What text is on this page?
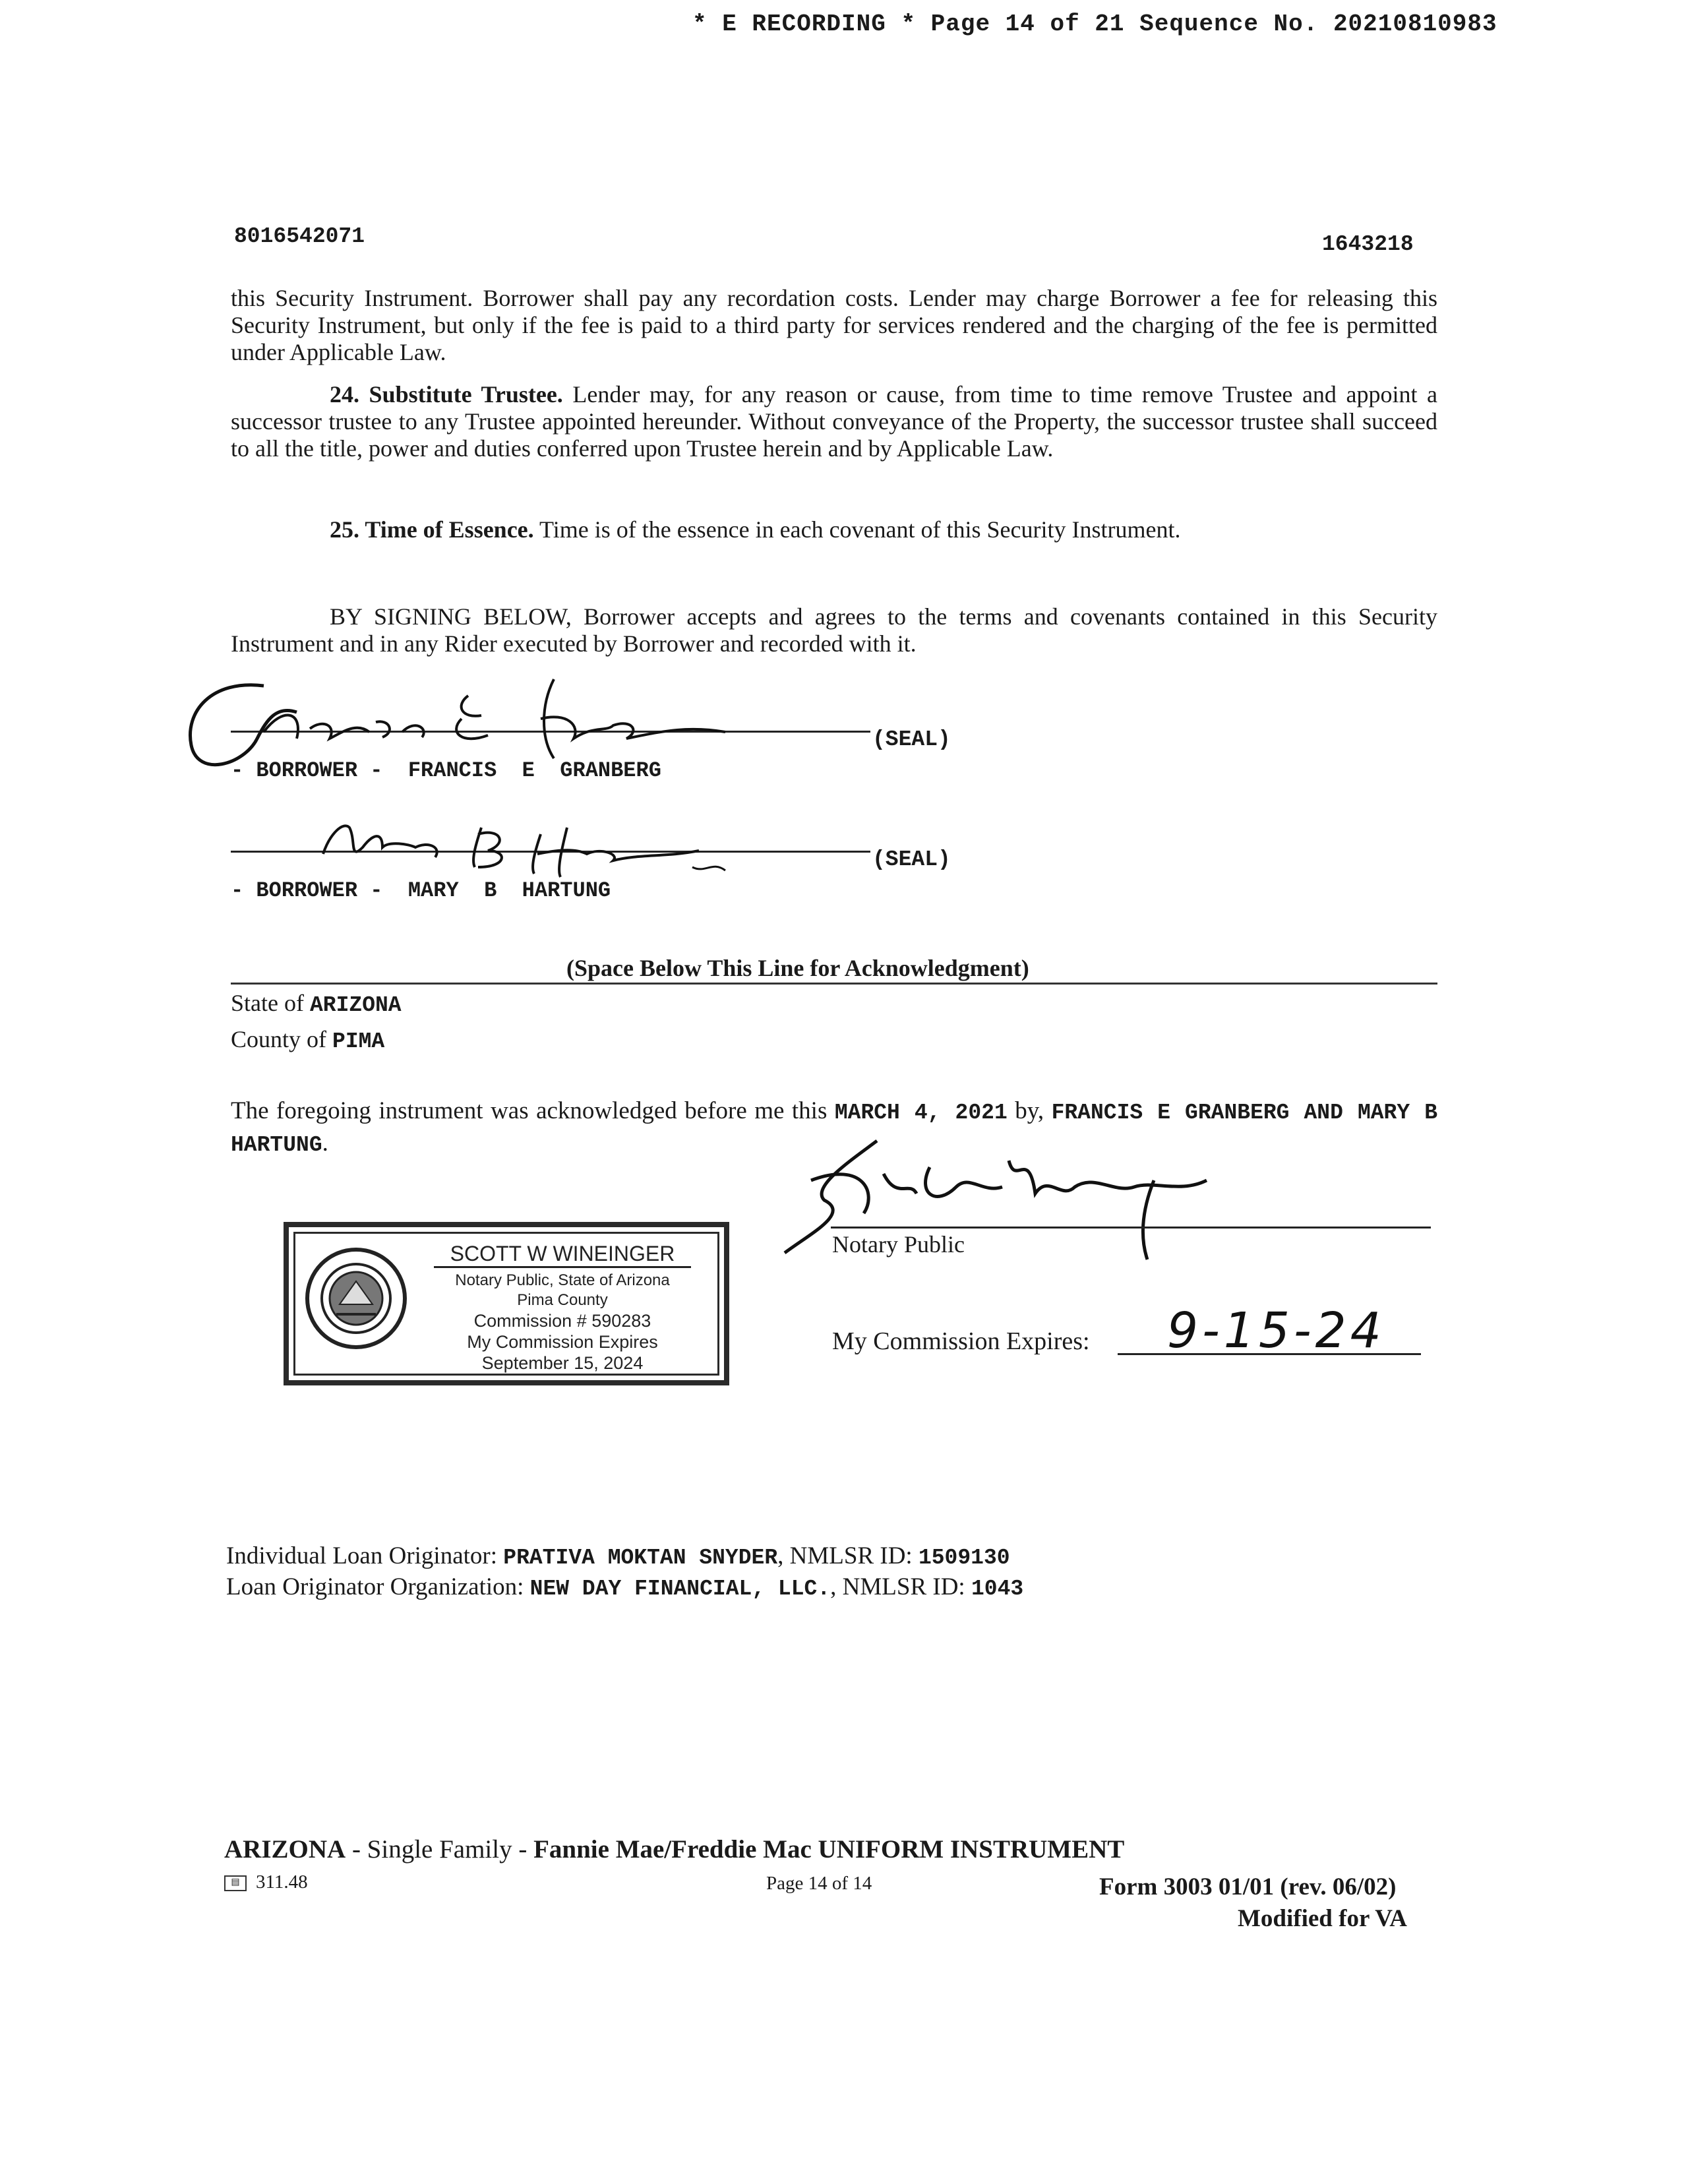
* E RECORDING * Page 14 of 21 Sequence No. 20210810983
8016542071	1643218
this Security Instrument. Borrower shall pay any recordation costs. Lender may charge Borrower a fee for releasing this Security Instrument, but only if the fee is paid to a third party for services rendered and the charging of the fee is permitted under Applicable Law.
24. Substitute Trustee. Lender may, for any reason or cause, from time to time remove Trustee and appoint a successor trustee to any Trustee appointed hereunder. Without conveyance of the Property, the successor trustee shall succeed to all the title, power and duties conferred upon Trustee herein and by Applicable Law.
25. Time of Essence. Time is of the essence in each covenant of this Security Instrument.
BY SIGNING BELOW, Borrower accepts and agrees to the terms and covenants contained in this Security Instrument and in any Rider executed by Borrower and recorded with it.
(SEAL)
- BORROWER -  FRANCIS  E  GRANBERG
(SEAL)
- BORROWER -  MARY  B  HARTUNG
(Space Below This Line for Acknowledgment)
State of ARIZONA
County of PIMA
The foregoing instrument was acknowledged before me this MARCH 4, 2021 by, FRANCIS E GRANBERG AND MARY B HARTUNG.
SCOTT W WINEINGER
Notary Public, State of Arizona
Pima County
Commission # 590283
My Commission Expires
September 15, 2024
Notary Public
My Commission Expires: 9-15-24
Individual Loan Originator: PRATIVA MOKTAN SNYDER, NMLSR ID: 1509130
Loan Originator Organization: NEW DAY FINANCIAL, LLC., NMLSR ID: 1043
ARIZONA - Single Family - Fannie Mae/Freddie Mac UNIFORM INSTRUMENT
▤ 311.48	Page 14 of 14	Form 3003 01/01 (rev. 06/02)
Modified for VA
